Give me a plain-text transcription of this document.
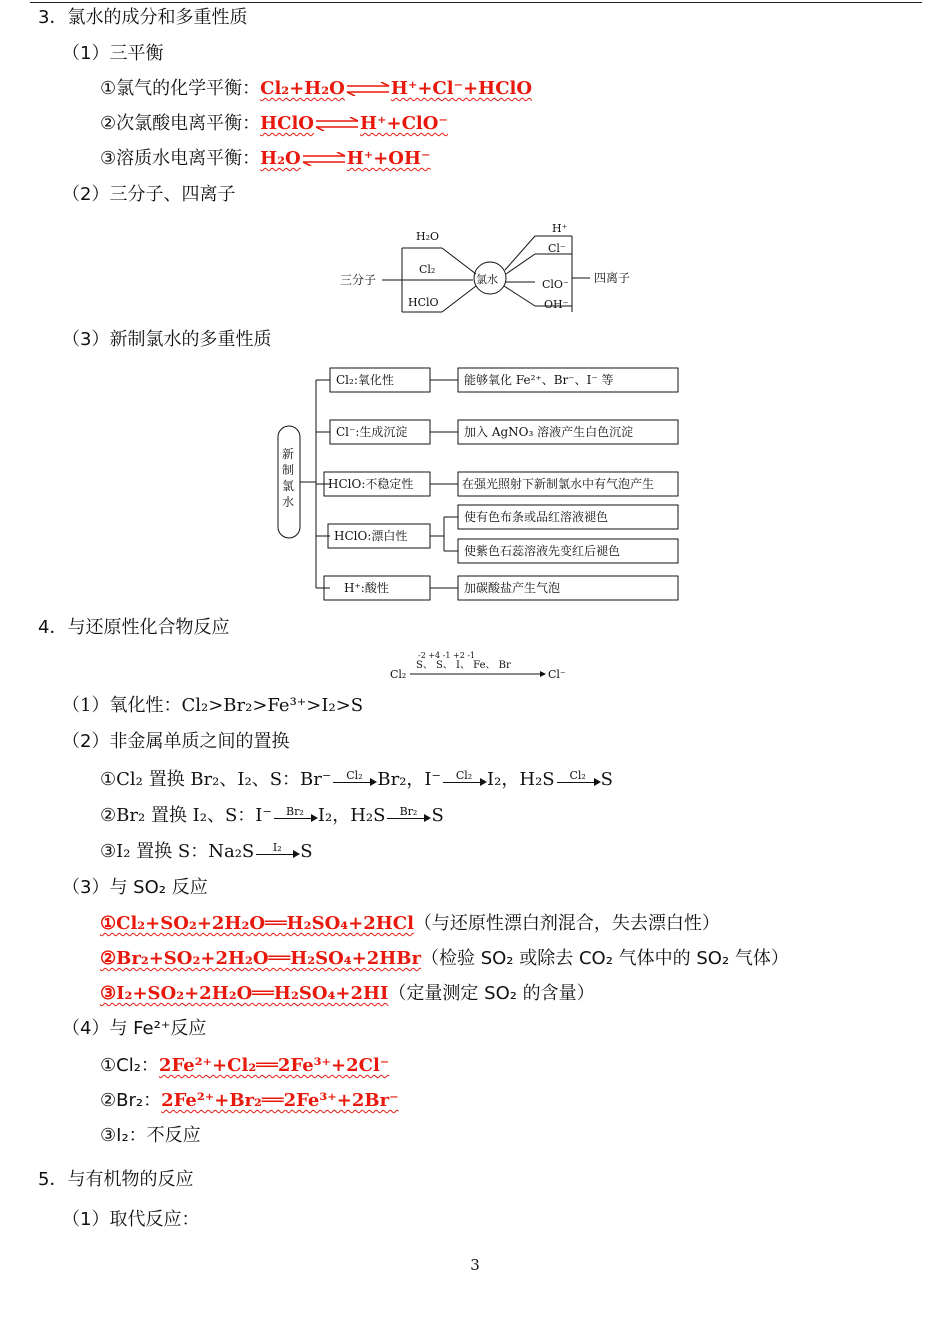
3．氯水的成分和多重性质
（1）三平衡
①氯气的化学平衡：Cl₂+H₂O⇌H⁺+Cl⁻+HClO
②次氯酸电离平衡：HClO⇌H⁺+ClO⁻
③溶质水电离平衡：H₂O⇌H⁺+OH⁻
（2）三分子、四离子
三分子
H₂O
Cl₂
HClO
氯水
H⁺
Cl⁻
ClO⁻
OH⁻
四离子
（3）新制氯水的多重性质
新
制
氯
水
Cl₂:氧化性	能够氧化 Fe²⁺、Br⁻、I⁻ 等
Cl⁻:生成沉淀	加入 AgNO₃ 溶液产生白色沉淀
HClO:不稳定性	在强光照射下新制氯水中有气泡产生
HClO:漂白性
使有色布条或品红溶液褪色
使紫色石蕊溶液先变红后褪色
H⁺:酸性	加碳酸盐产生气泡
4．与还原性化合物反应
-2 +4 -1 +2 -1
S、 S、 I、 Fe、 Br
Cl₂	Cl⁻
（1）氧化性：Cl₂>Br₂>Fe³⁺>I₂>S
（2）非金属单质之间的置换
①Cl₂ 置换 Br₂、I₂、S：Br⁻	Cl₂ Br₂，I⁻	Cl₂ I₂，H₂S	Cl₂ S
②Br₂ 置换 I₂、S：I⁻	Br₂ I₂，H₂S	Br₂ S
③I₂ 置换 S：Na₂S	I₂	S
（3）与 SO₂ 反应
①Cl₂+SO₂+2H₂O══H₂SO₄+2HCl（与还原性漂白剂混合，失去漂白性）
②Br₂+SO₂+2H₂O══H₂SO₄+2HBr（检验 SO₂ 或除去 CO₂ 气体中的 SO₂ 气体）
③I₂+SO₂+2H₂O══H₂SO₄+2HI（定量测定 SO₂ 的含量）
（4）与 Fe²⁺反应
①Cl₂：2Fe²⁺+Cl₂══2Fe³⁺+2Cl⁻
②Br₂：2Fe²⁺+Br₂══2Fe³⁺+2Br⁻
③I₂：不反应
5．与有机物的反应
（1）取代反应：
3
